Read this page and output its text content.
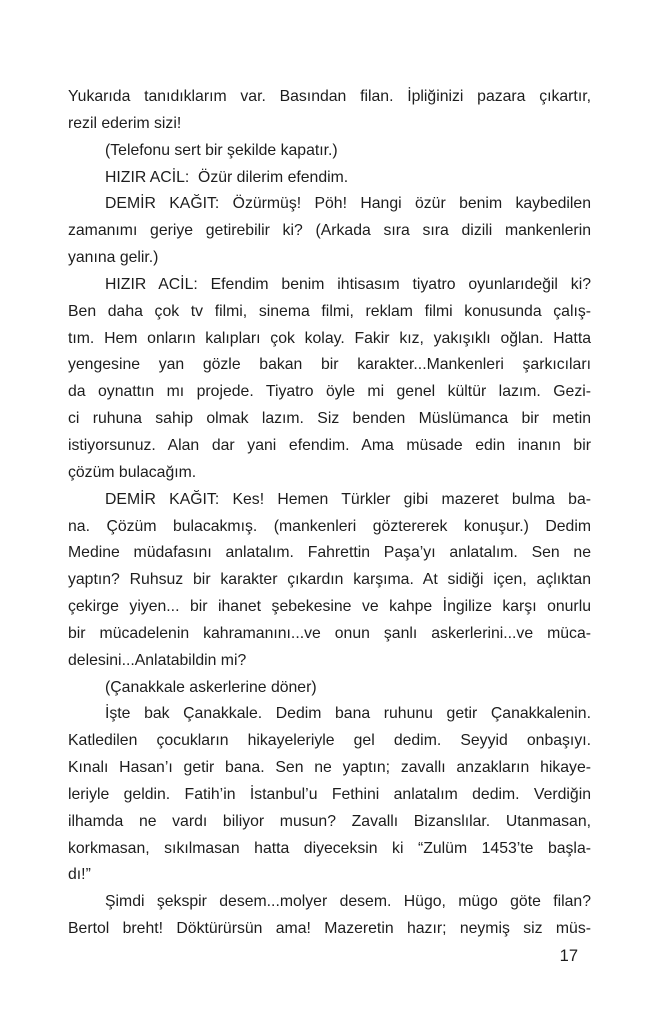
Yukarıda tanıdıklarım var. Basından filan. İpliğinizi pazara çıkartır,
rezil ederim sizi!
(Telefonu sert bir şekilde kapatır.)
HIZIR ACİL:  Özür dilerim efendim.
DEMİR KAĞIT: Özürmüş! Pöh! Hangi özür benim kaybedilen
zamanımı geriye getirebilir ki? (Arkada sıra sıra dizili mankenlerin
yanına gelir.)
HIZIR ACİL: Efendim benim ihtisasım tiyatro oyunlarıdeğil ki?
Ben daha çok tv filmi, sinema filmi, reklam filmi konusunda çalış-
tım. Hem onların kalıpları çok kolay. Fakir kız, yakışıklı oğlan. Hatta
yengesine yan gözle bakan bir karakter...Mankenleri şarkıcıları
da oynattın mı projede. Tiyatro öyle mi genel kültür lazım. Gezi-
ci ruhuna sahip olmak lazım. Siz benden Müslümanca bir metin
istiyorsunuz. Alan dar yani efendim. Ama müsade edin inanın bir
çözüm bulacağım.
DEMİR KAĞIT: Kes! Hemen Türkler gibi mazeret bulma ba-
na. Çözüm bulacakmış. (mankenleri göztererek konuşur.) Dedim
Medine müdafasını anlatalım. Fahrettin Paşa’yı anlatalım. Sen ne
yaptın? Ruhsuz bir karakter çıkardın karşıma. At sidiği içen, açlıktan
çekirge yiyen... bir ihanet şebekesine ve kahpe İngilize karşı onurlu
bir mücadelenin kahramanını...ve onun şanlı askerlerini...ve müca-
delesini...Anlatabildin mi?
(Çanakkale askerlerine döner)
İşte bak Çanakkale. Dedim bana ruhunu getir Çanakkalenin.
Katledilen çocukların hikayeleriyle gel dedim. Seyyid onbaşıyı.
Kınalı Hasan’ı getir bana. Sen ne yaptın; zavallı anzakların hikaye-
leriyle geldin. Fatih’in İstanbul’u Fethini anlatalım dedim. Verdiğin
ilhamda ne vardı biliyor musun? Zavallı Bizanslılar. Utanmasan,
korkmasan, sıkılmasan hatta diyeceksin ki “Zulüm 1453’te başla-
dı!”
Şimdi şekspir desem...molyer desem. Hügo, mügo göte filan?
Bertol breht! Döktürürsün ama! Mazeretin hazır; neymiş siz müs-
17
